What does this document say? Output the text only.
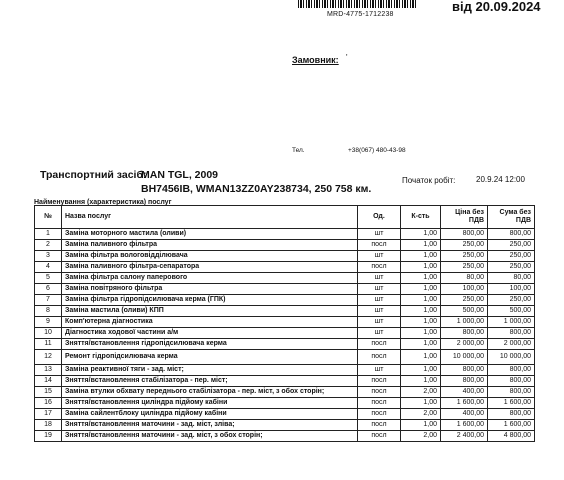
MRD-4775-1712238
від 20.09.2024
Замовник: '
Тел.	+38(067) 480-43-98
Транспортний засіб:
MAN TGL, 2009
BH7456IB, WMAN13ZZ0AY238734, 250 758 км.
Початок робіт:	20.9.24 12:00
Найменування (характеристика) послуг
№	Назва послуг	Од.	К-сть	Ціна без ПДВ	Сума без ПДВ
1	Заміна моторного мастила (оливи)	шт	1,00	800,00	800,00
2	Заміна паливного фільтра	посл	1,00	250,00	250,00
3	Заміна фільтра вологовідділювача	шт	1,00	250,00	250,00
4	Заміна паливного фільтра-сепаратора	посл	1,00	250,00	250,00
5	Заміна фільтра салону паперового	шт	1,00	80,00	80,00
6	Заміна повітряного фільтра	шт	1,00	100,00	100,00
7	Заміна фільтра гідропідсилювача керма (ГПК)	шт	1,00	250,00	250,00
8	Заміна мастила (оливи) КПП	шт	1,00	500,00	500,00
9	Комп'ютерна діагностика	шт	1,00	1 000,00	1 000,00
10	Діагностика ходової частини а/м	шт	1,00	800,00	800,00
11	Зняття/встановлення гідропідсилювача керма	посл	1,00	2 000,00	2 000,00
12	Ремонт гідропідсилювача керма	посл	1,00	10 000,00	10 000,00
13	Заміна реактивної тяги - зад. міст;	шт	1,00	800,00	800,00
14	Зняття/встановлення стабілізатора - пер. міст;	посл	1,00	800,00	800,00
15	Заміна втулки обхвату переднього стабілізатора - пер. міст, з обох сторін;	посл	2,00	400,00	800,00
16	Зняття/встановлення циліндра підйому кабіни	посл	1,00	1 600,00	1 600,00
17	Заміна сайлентблоку циліндра підйому кабіни	посл	2,00	400,00	800,00
18	Зняття/встановлення маточини - зад. міст, зліва;	посл	1,00	1 600,00	1 600,00
19	Зняття/встановлення маточини - зад. міст, з обох сторін;	посл	2,00	2 400,00	4 800,00
